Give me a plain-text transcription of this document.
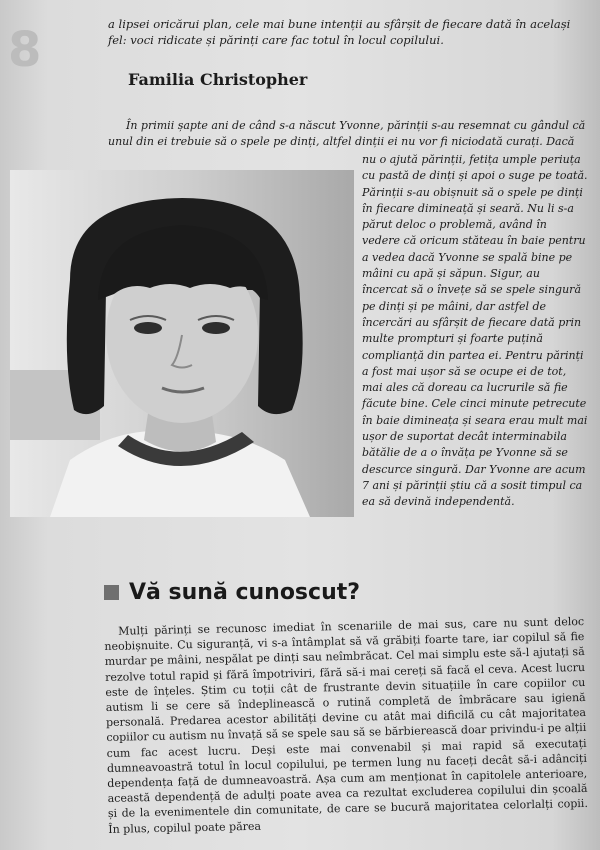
8	a lipsei oricărui plan, cele mai bune intenții au sfârșit de fiecare dată în același fel: voci ridicate și părinți care fac totul în locul copilului.

Familia Christopher

În primii șapte ani de când s-a născut Yvonne, părinții s-au resemnat cu gândul că unul din ei trebuie să o spele pe dinți, altfel dinții ei nu vor fi niciodată curați. Dacă

nu o ajută părinții, fetița umple periuța cu pastă de dinți și apoi o suge pe toată. Părinții s-au obișnuit să o spele pe dinți în fiecare dimineață și seară. Nu li s-a părut deloc o problemă, având în vedere că oricum stăteau în baie pentru a vedea dacă Yvonne se spală bine pe mâini cu apă și săpun. Sigur, au încercat să o învețe să se spele singură pe dinți și pe mâini, dar astfel de încercări au sfârșit de fiecare dată prin multe prompturi și foarte puțină complianță din partea ei. Pentru părinți a fost mai ușor să se ocupe ei de tot, mai ales că doreau ca lucrurile să fie făcute bine. Cele cinci minute petrecute în baie dimineața și seara erau mult mai ușor de suportat decât interminabila bătălie de a o învăța pe Yvonne să se descurce singură. Dar Yvonne are acum 7 ani și părinții știu că a sosit timpul ca ea să devină independentă.

Vă sună cunoscut?

Mulți părinți se recunosc imediat în scenariile de mai sus, care nu sunt deloc neobișnuite. Cu siguranță, vi s-a întâmplat să vă grăbiți foarte tare, iar copilul să fie murdar pe mâini, nespălat pe dinți sau neîmbrăcat. Cel mai simplu este să-l ajutați să rezolve totul rapid și fără împotriviri, fără să-i mai cereți să facă el ceva. Acest lucru este de înțeles. Știm cu toții cât de frustrante devin situațiile în care copiilor cu autism li se cere să îndeplinească o rutină completă de îmbrăcare sau igienă personală. Predarea acestor abilități devine cu atât mai dificilă cu cât majoritatea copiilor cu autism nu învață să se spele sau să se bărbierească doar privindu-i pe alții cum fac acest lucru. Deși este mai convenabil și mai rapid să executați dumneavoastră totul în locul copilului, pe termen lung nu faceți decât să-i adânciți dependența față de dumneavoastră. Așa cum am menționat în capitolele anterioare, această dependență de adulți poate avea ca rezultat excluderea copilului din școală și de la evenimentele din comunitate, de care se bucură majoritatea celorlalți copii. În plus, copilul poate părea
